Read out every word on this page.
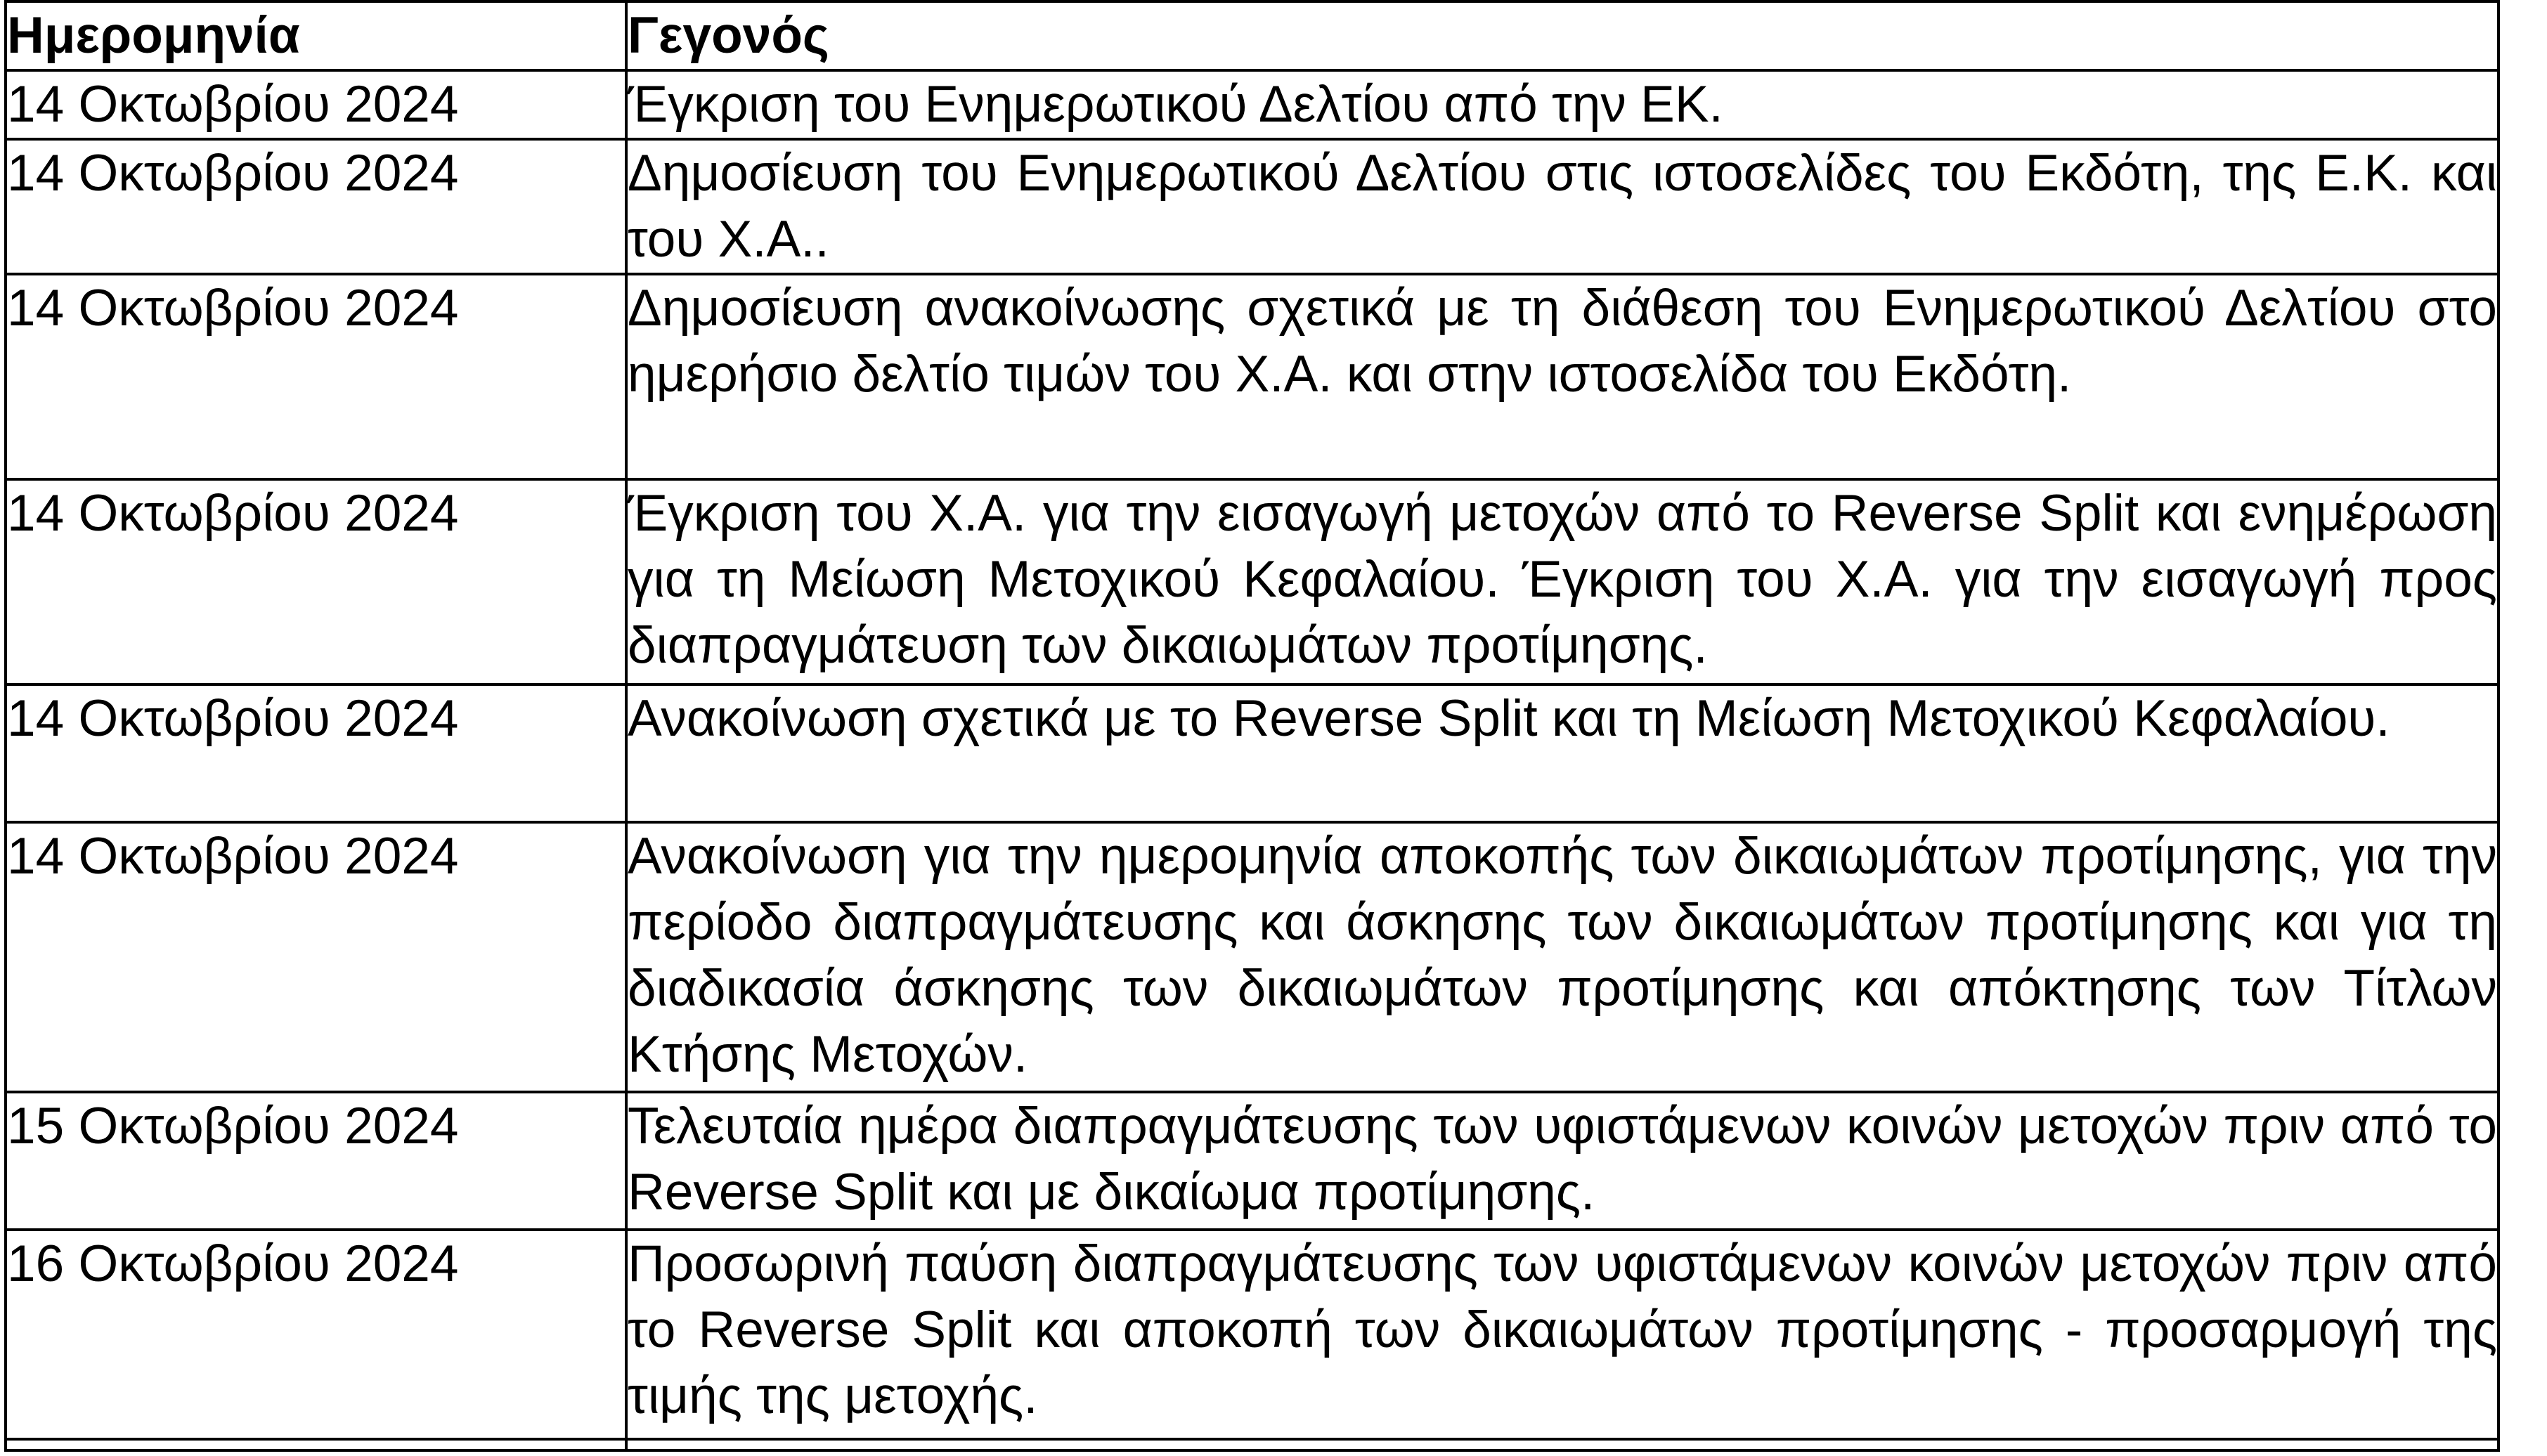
Ημερομηνία	Γεγονός
14 Οκτωβρίου 2024	Έγκριση του Ενημερωτικού Δελτίου από την ΕΚ.
14 Οκτωβρίου 2024	Δημοσίευση του Ενημερωτικού Δελτίου στις ιστοσελίδες του Εκδότη, της Ε.Κ. και του Χ.Α..
14 Οκτωβρίου 2024	Δημοσίευση ανακοίνωσης σχετικά με τη διάθεση του Ενημερωτικού Δελτίου στο ημερήσιο δελτίο τιμών του Χ.Α. και στην ιστοσελίδα του Εκδότη.
14 Οκτωβρίου 2024	Έγκριση του Χ.Α. για την εισαγωγή μετοχών από το Reverse Split και ενημέρωση για τη Μείωση Μετοχικού Κεφαλαίου. Έγκριση του Χ.Α. για την εισαγωγή προς διαπραγμάτευση των δικαιωμάτων προτίμησης.
14 Οκτωβρίου 2024	Ανακοίνωση σχετικά με το Reverse Split και τη Μείωση Μετοχικού Κεφαλαίου.
14 Οκτωβρίου 2024	Ανακοίνωση για την ημερομηνία αποκοπής των δικαιωμάτων προτίμησης, για την περίοδο διαπραγμάτευσης και άσκησης των δικαιωμάτων προτίμησης και για τη διαδικασία άσκησης των δικαιωμάτων προτίμησης και απόκτησης των Τίτλων Κτήσης Μετοχών.
15 Οκτωβρίου 2024	Τελευταία ημέρα διαπραγμάτευσης των υφιστάμενων κοινών μετοχών πριν από το Reverse Split και με δικαίωμα προτίμησης.
16 Οκτωβρίου 2024	Προσωρινή παύση διαπραγμάτευσης των υφιστάμενων κοινών μετοχών πριν από το Reverse Split και αποκοπή των δικαιωμάτων προτίμησης - προσαρμογή της τιμής της μετοχής.
